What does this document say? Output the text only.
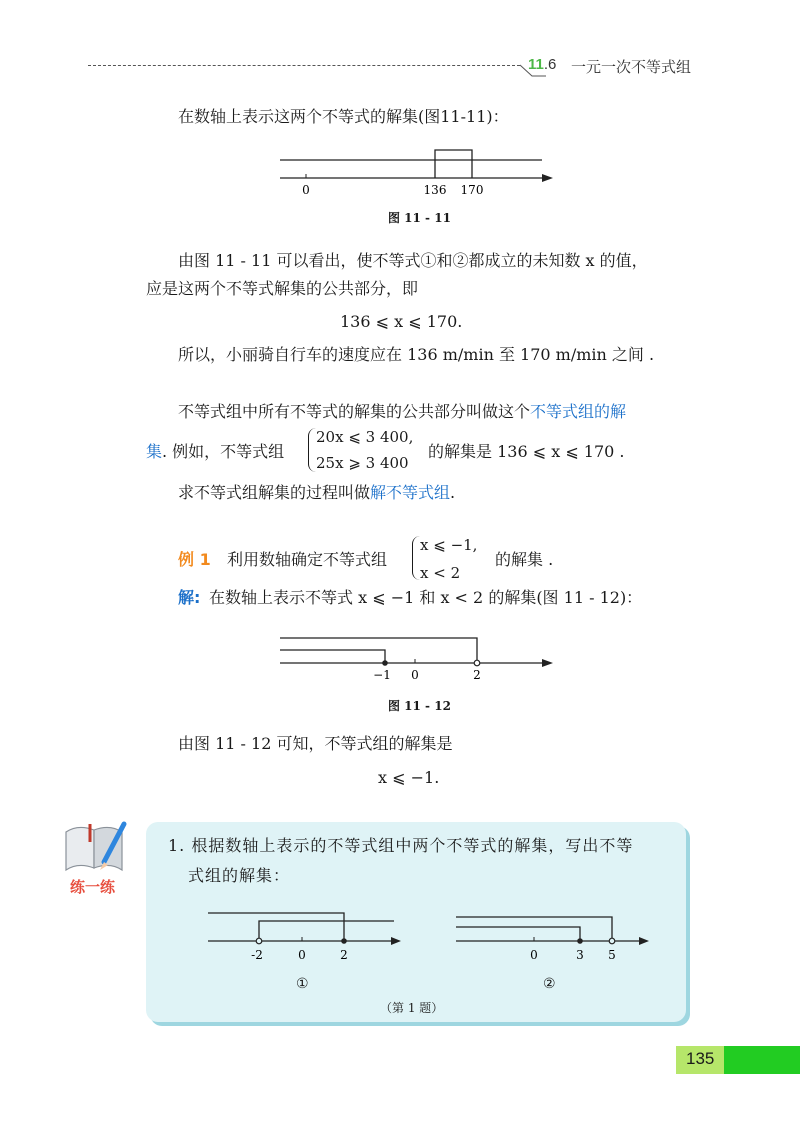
11.6 一元一次不等式组
在数轴上表示这两个不等式的解集(图11-11)：
0	136 170
图 11 - 11
由图 11 - 11 可以看出，使不等式①和②都成立的未知数 x 的值，
应是这两个不等式解集的公共部分，即
136 ⩽ x ⩽ 170.
所以，小丽骑自行车的速度应在 136 m/min 至 170 m/min 之间 .
不等式组中所有不等式的解集的公共部分叫做这个不等式组的解
集 . 例如，不等式组
20x ⩽ 3 400,
25x ⩾ 3 400
的解集是 136 ⩽ x ⩽ 170 .
求不等式组解集的过程叫做解不等式组.
例 1 利用数轴确定不等式组
x ⩽ −1,
x < 2
的解集 .
解: 在数轴上表示不等式 x ⩽ −1 和 x < 2 的解集(图 11 - 12)：
−1 0	2
图 11 - 12
由图 11 - 12 可知，不等式组的解集是
x ⩽ −1.
练一练
1. 根据数轴上表示的不等式组中两个不等式的解集，写出不等
式组的解集：
-2	0	2	0	3 5
①	②
（第 1 题）
135
